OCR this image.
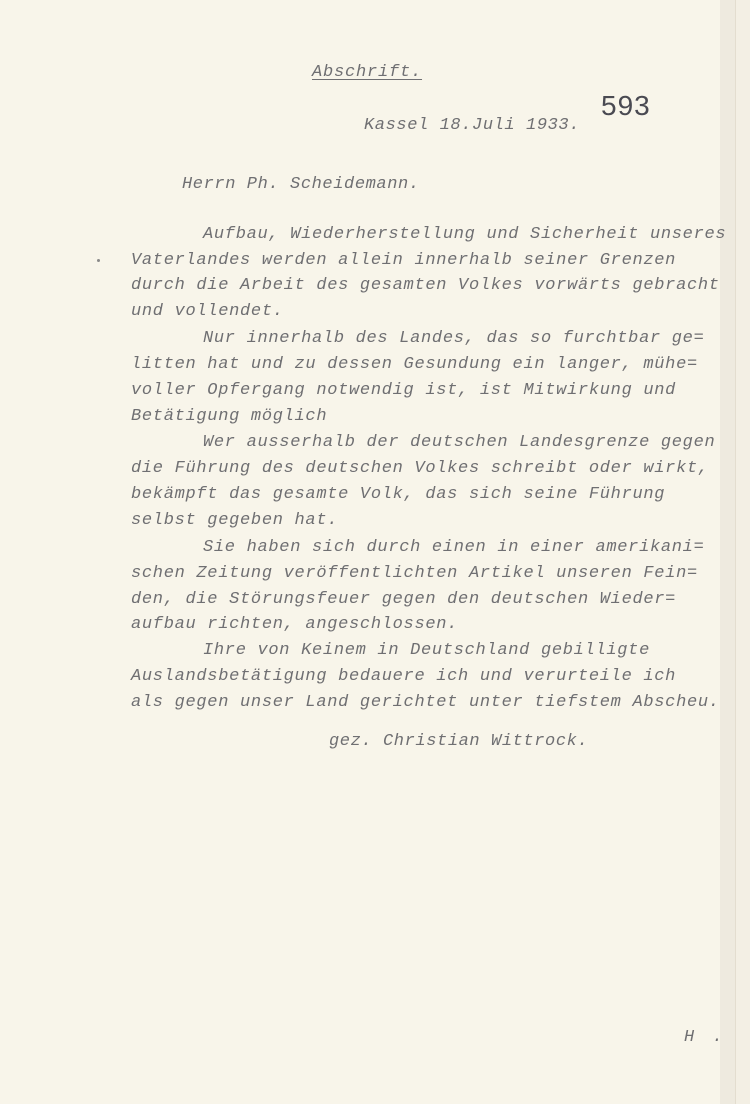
Abschrift.
Kassel 18.Juli 1933.
593
Herrn Ph. Scheidemann.
Aufbau, Wiederherstellung und Sicherheit unseres
Vaterlandes werden allein innerhalb seiner Grenzen
durch die Arbeit des gesamten Volkes vorwärts gebracht
und vollendet.
Nur innerhalb des Landes, das so furchtbar ge=
litten hat und zu dessen Gesundung ein langer, mühe=
voller Opfergang notwendig ist, ist Mitwirkung und
Betätigung möglich
Wer ausserhalb der deutschen Landesgrenze gegen
die Führung des deutschen Volkes schreibt oder wirkt,
bekämpft das gesamte Volk, das sich seine Führung
selbst gegeben hat.
Sie haben sich durch einen in einer amerikani=
schen Zeitung veröffentlichten Artikel unseren Fein=
den, die Störungsfeuer gegen den deutschen Wieder=
aufbau richten, angeschlossen.
Ihre von Keinem in Deutschland gebilligte
Auslandsbetätigung bedauere ich und verurteile ich
als gegen unser Land gerichtet unter tiefstem Abscheu.
gez. Christian Wittrock.
H .
